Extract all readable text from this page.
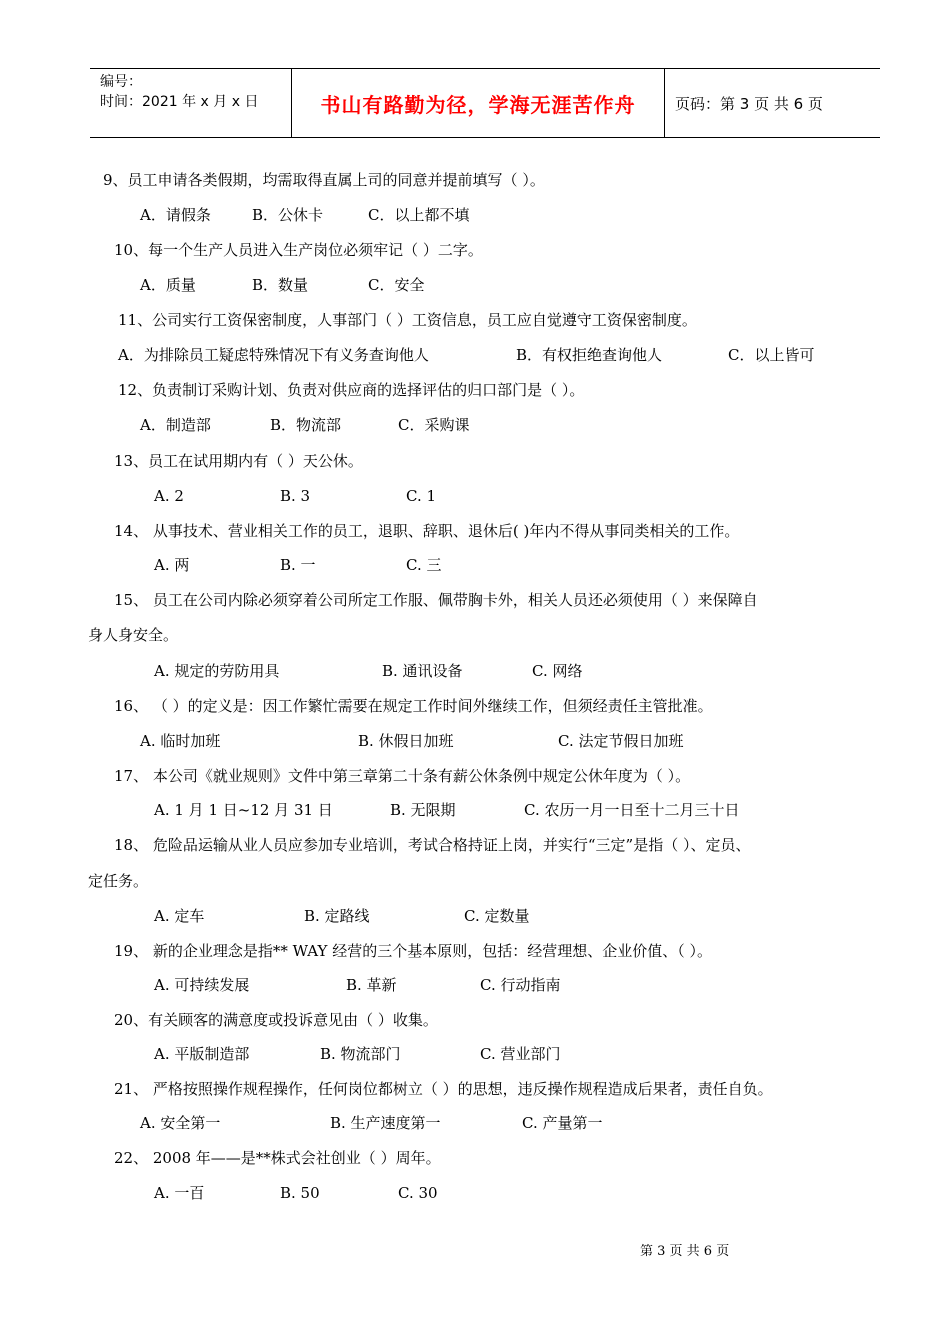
编号：
时间：2021 年 x 月 x 日	书山有路勤为径，学海无涯苦作舟	页码：第 3 页 共 6 页
9、员工申请各类假期，均需取得直属上司的同意并提前填写（ ）。
A．请假条	B．公休卡	C．以上都不填
10、每一个生产人员进入生产岗位必须牢记（ ）二字。
A．质量	B．数量	C．安全
11、公司实行工资保密制度，人事部门（ ）工资信息，员工应自觉遵守工资保密制度。
A．为排除员工疑虑特殊情况下有义务查询他人	B．有权拒绝查询他人	C．以上皆可
12、负责制订采购计划、负责对供应商的选择评估的归口部门是（ ）。
A．制造部	B．物流部	C．采购课
13、员工在试用期内有（ ）天公休。
A. 2	B. 3	C. 1
14、 从事技术、营业相关工作的员工，退职、辞职、退休后( )年内不得从事同类相关的工作。
A. 两	B. 一	C. 三
15、 员工在公司内除必须穿着公司所定工作服、佩带胸卡外，相关人员还必须使用（ ）来保障自
身人身安全。
A. 规定的劳防用具	B. 通讯设备	C. 网络
16、 （ ）的定义是：因工作繁忙需要在规定工作时间外继续工作，但须经责任主管批准。
A. 临时加班	B. 休假日加班	C. 法定节假日加班
17、 本公司《就业规则》文件中第三章第二十条有薪公休条例中规定公休年度为（ ）。
A. 1 月 1 日~12 月 31 日	B. 无限期	C. 农历一月一日至十二月三十日
18、 危险品运输从业人员应参加专业培训，考试合格持证上岗，并实行“三定”是指（ ）、定员、
定任务。
A. 定车	B. 定路线	C. 定数量
19、 新的企业理念是指** WAY 经营的三个基本原则，包括：经营理想、企业价值、（ ）。
A. 可持续发展	B. 革新	C. 行动指南
20、有关顾客的满意度或投诉意见由（ ）收集。
A. 平版制造部	B. 物流部门	C. 营业部门
21、 严格按照操作规程操作，任何岗位都树立（ ）的思想，违反操作规程造成后果者，责任自负。
A. 安全第一	B. 生产速度第一	C. 产量第一
22、 2008 年——是**株式会社创业（ ）周年。
A. 一百	B. 50	C. 30
第 3 页 共 6 页
